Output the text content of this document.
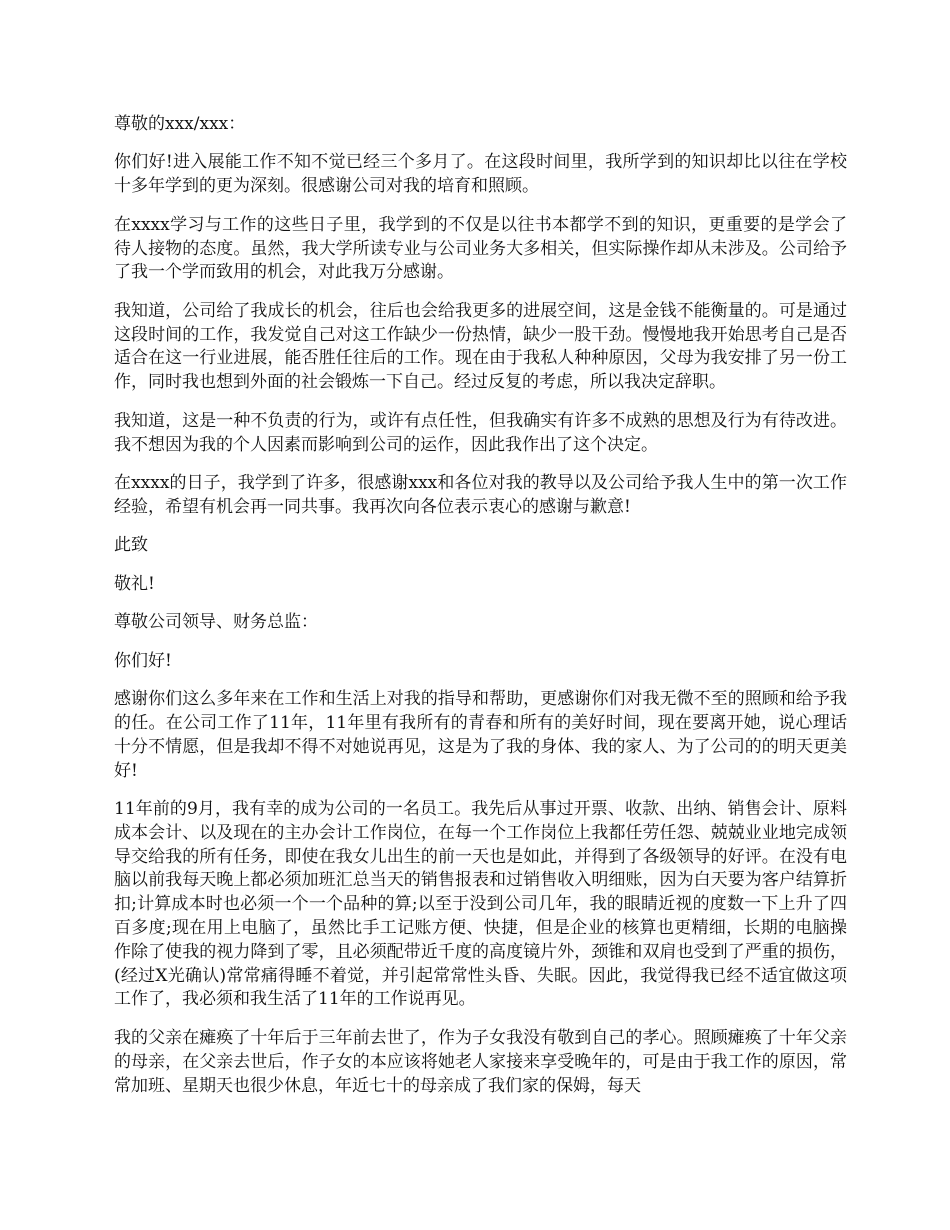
尊敬的xxx/xxx：

你们好!进入展能工作不知不觉已经三个多月了。在这段时间里，我所学到的知识却比以往在学校十多年学到的更为深刻。很感谢公司对我的培育和照顾。

在xxxx学习与工作的这些日子里，我学到的不仅是以往书本都学不到的知识，更重要的是学会了待人接物的态度。虽然，我大学所读专业与公司业务大多相关，但实际操作却从未涉及。公司给予了我一个学而致用的机会，对此我万分感谢。

我知道，公司给了我成长的机会，往后也会给我更多的进展空间，这是金钱不能衡量的。可是通过这段时间的工作，我发觉自己对这工作缺少一份热情，缺少一股干劲。慢慢地我开始思考自己是否适合在这一行业进展，能否胜任往后的工作。现在由于我私人种种原因，父母为我安排了另一份工作，同时我也想到外面的社会锻炼一下自己。经过反复的考虑，所以我决定辞职。

我知道，这是一种不负责的行为，或许有点任性，但我确实有许多不成熟的思想及行为有待改进。我不想因为我的个人因素而影响到公司的运作，因此我作出了这个决定。

在xxxx的日子，我学到了许多，很感谢xxx和各位对我的教导以及公司给予我人生中的第一次工作经验，希望有机会再一同共事。我再次向各位表示衷心的感谢与歉意!

此致

敬礼!

尊敬公司领导、财务总监：

你们好!

感谢你们这么多年来在工作和生活上对我的指导和帮助，更感谢你们对我无微不至的照顾和给予我的任。在公司工作了11年，11年里有我所有的青春和所有的美好时间，现在要离开她，说心理话十分不情愿，但是我却不得不对她说再见，这是为了我的身体、我的家人、为了公司的的明天更美好!

11年前的9月，我有幸的成为公司的一名员工。我先后从事过开票、收款、出纳、销售会计、原料成本会计、以及现在的主办会计工作岗位，在每一个工作岗位上我都任劳任怨、兢兢业业地完成领导交给我的所有任务，即使在我女儿出生的前一天也是如此，并得到了各级领导的好评。在没有电脑以前我每天晚上都必须加班汇总当天的销售报表和过销售收入明细账，因为白天要为客户结算折扣;计算成本时也必须一个一个品种的算;以至于没到公司几年，我的眼睛近视的度数一下上升了四百多度;现在用上电脑了，虽然比手工记账方便、快捷，但是企业的核算也更精细，长期的电脑操作除了使我的视力降到了零，且必须配带近千度的高度镜片外，颈锥和双肩也受到了严重的损伤，(经过X光确认)常常痛得睡不着觉，并引起常常性头昏、失眠。因此，我觉得我已经不适宜做这项工作了，我必须和我生活了11年的工作说再见。

我的父亲在瘫痪了十年后于三年前去世了，作为子女我没有敬到自己的孝心。照顾瘫痪了十年父亲的母亲，在父亲去世后，作子女的本应该将她老人家接来享受晚年的，可是由于我工作的原因，常常加班、星期天也很少休息，年近七十的母亲成了我们家的保姆，每天
